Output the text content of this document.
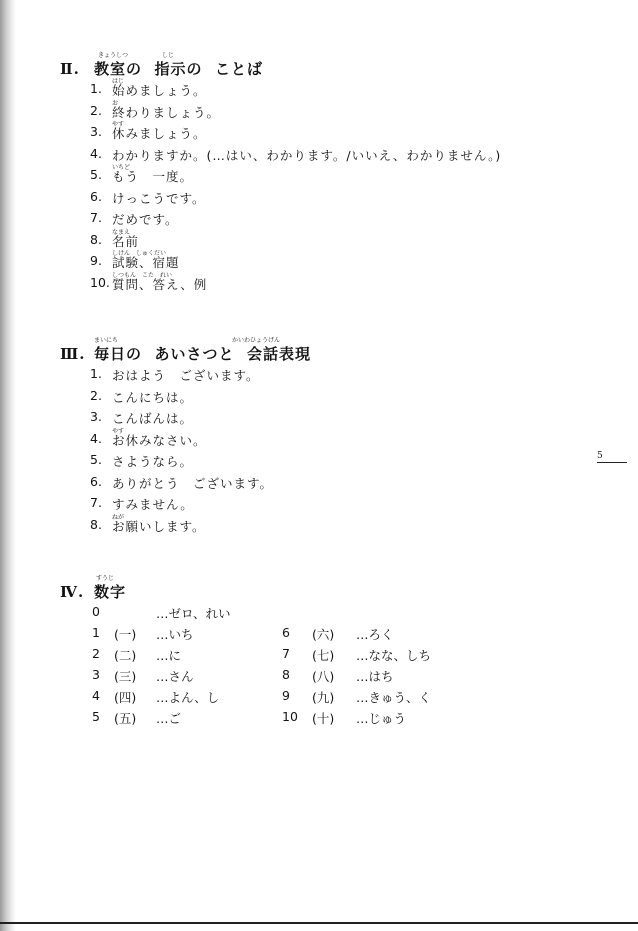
5
きょうしつ	しじ
Ⅱ. 教室の 指示の ことば
1. はじ
始めましょう。
2. お
終わりましょう。
3. やす
休みましょう。
4. わかりますか。(…はい、わかります。/いいえ、わかりません。)
5. いちど
もう　一度。
6. けっこうです。
7. だめです。
8. なまえ
名前
9. しけん　しゅくだい
試験、宿題
10. しつもん　こた　れい
質問、答え、例
まいにち	かいわひょうげん
Ⅲ. 毎日の あいさつと 会話表現
1. おはよう　ございます。
2. こんにちは。
3. こんばんは。
4. やす
お休みなさい。
5. さようなら。
6. ありがとう　ございます。
7. すみません。
8. ねが
お願いします。
すうじ
Ⅳ. 数字
0	…ゼロ、れい
1 (一) …いち	6 (六) …ろく
2 (二) …に	7 (七) …なな、しち
3 (三) …さん	8 (八) …はち
4 (四) …よん、し	9 (九) …きゅう、く
5 (五) …ご	10 (十) …じゅう
